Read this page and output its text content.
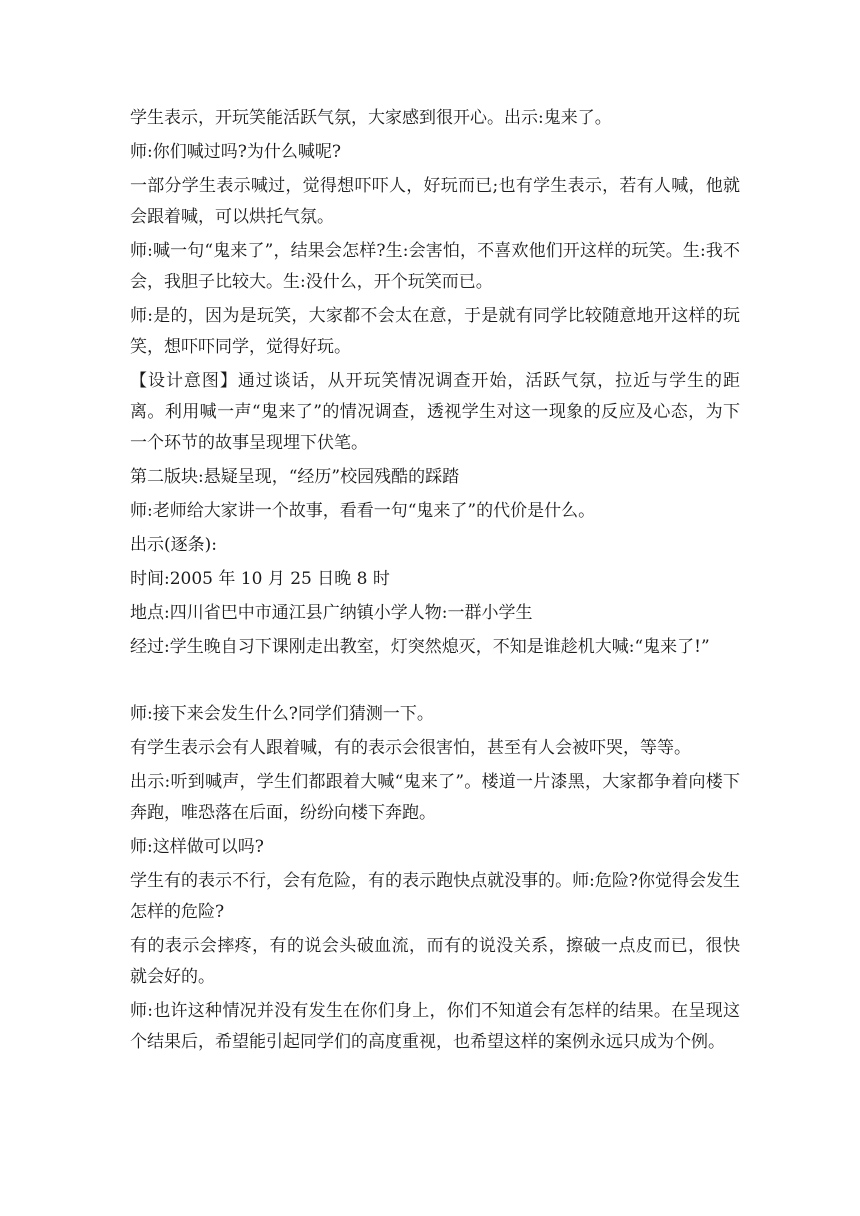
学生表示，开玩笑能活跃气氛，大家感到很开心。出示:鬼来了。

师:你们喊过吗?为什么喊呢?

一部分学生表示喊过，觉得想吓吓人，好玩而已;也有学生表示，若有人喊，他就会跟着喊，可以烘托气氛。

师:喊一句“鬼来了”，结果会怎样?生:会害怕，不喜欢他们开这样的玩笑。生:我不会，我胆子比较大。生:没什么，开个玩笑而已。

师:是的，因为是玩笑，大家都不会太在意，于是就有同学比较随意地开这样的玩笑，想吓吓同学，觉得好玩。

【设计意图】通过谈话，从开玩笑情况调查开始，活跃气氛，拉近与学生的距离。利用喊一声“鬼来了”的情况调查，透视学生对这一现象的反应及心态，为下一个环节的故事呈现埋下伏笔。

第二版块:悬疑呈现，“经历”校园残酷的踩踏

师:老师给大家讲一个故事，看看一句“鬼来了”的代价是什么。

出示(逐条):

时间:2005 年 10 月 25 日晚 8 时

地点:四川省巴中市通江县广纳镇小学人物:一群小学生

经过:学生晚自习下课刚走出教室，灯突然熄灭，不知是谁趁机大喊:“鬼来了!”

师:接下来会发生什么?同学们猜测一下。

有学生表示会有人跟着喊，有的表示会很害怕，甚至有人会被吓哭，等等。

出示:听到喊声，学生们都跟着大喊“鬼来了”。楼道一片漆黑，大家都争着向楼下奔跑，唯恐落在后面，纷纷向楼下奔跑。

师:这样做可以吗?

学生有的表示不行，会有危险，有的表示跑快点就没事的。师:危险?你觉得会发生怎样的危险?

有的表示会摔疼，有的说会头破血流，而有的说没关系，擦破一点皮而已，很快就会好的。

师:也许这种情况并没有发生在你们身上，你们不知道会有怎样的结果。在呈现这个结果后，希望能引起同学们的高度重视，也希望这样的案例永远只成为个例。
